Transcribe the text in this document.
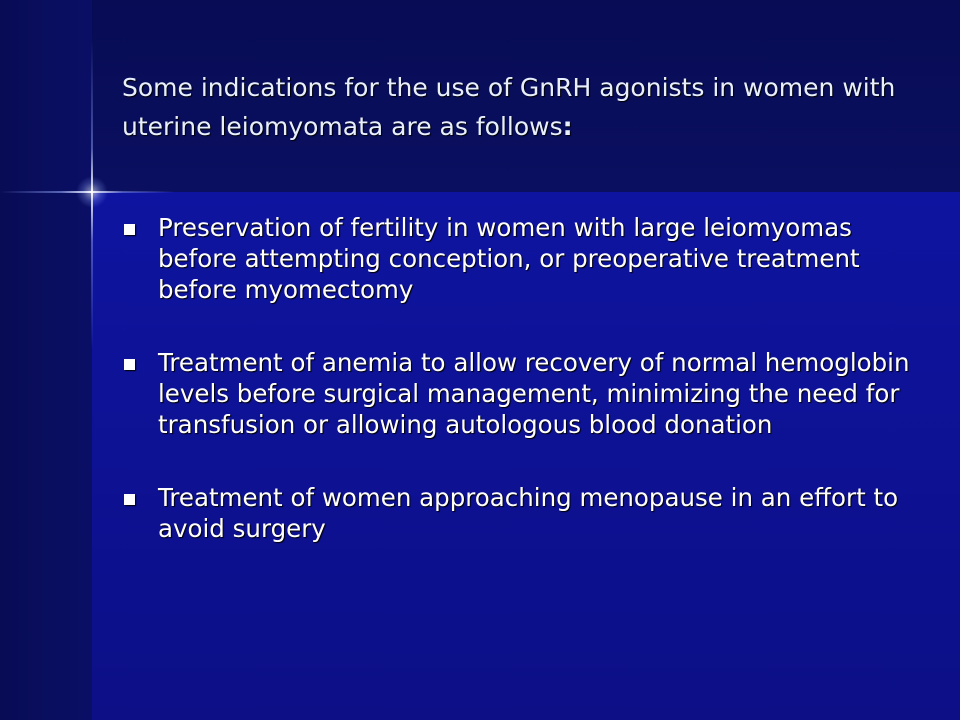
Some indications for the use of GnRH agonists in women with uterine leiomyomata are as follows:
Preservation of fertility in women with large leiomyomas before attempting conception, or preoperative treatment before myomectomy
Treatment of anemia to allow recovery of normal hemoglobin levels before surgical management, minimizing the need for transfusion or allowing autologous blood donation
Treatment of women approaching menopause in an effort to avoid surgery
